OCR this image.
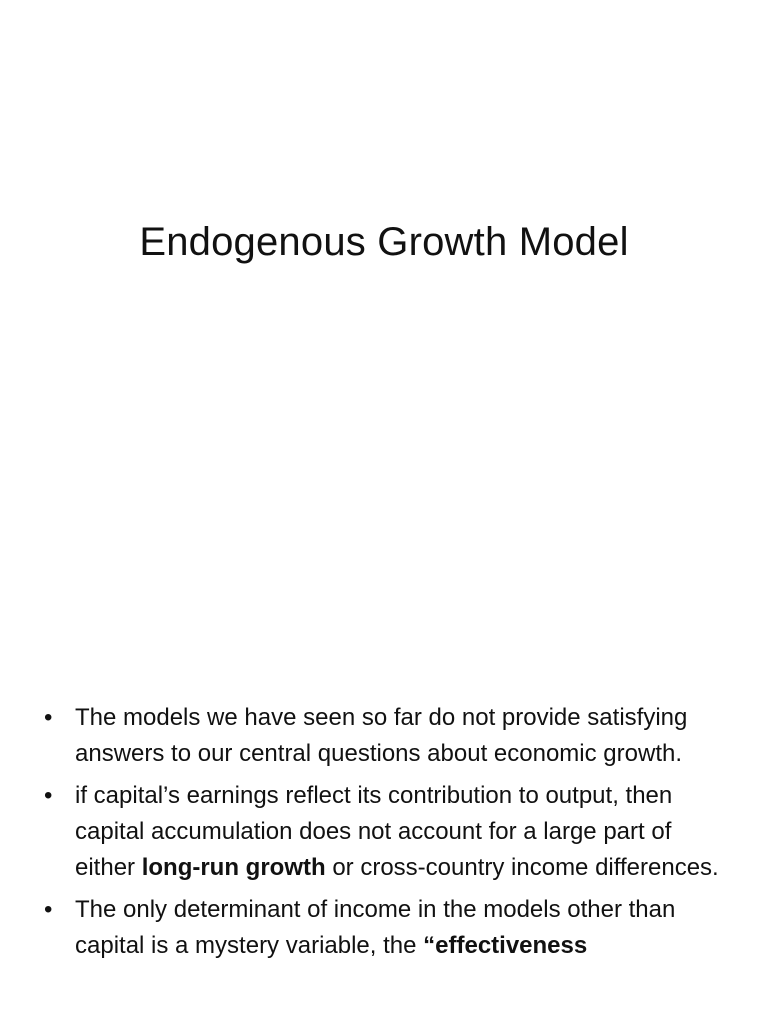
Endogenous Growth Model
• The models we have seen so far do not provide satisfying answers to our central questions about economic growth.
• if capital’s earnings reflect its contribution to output, then capital accumulation does not account for a large part of either long-run growth or cross-country income differences.
• The only determinant of income in the models other than capital is a mystery variable, the “effectiveness
